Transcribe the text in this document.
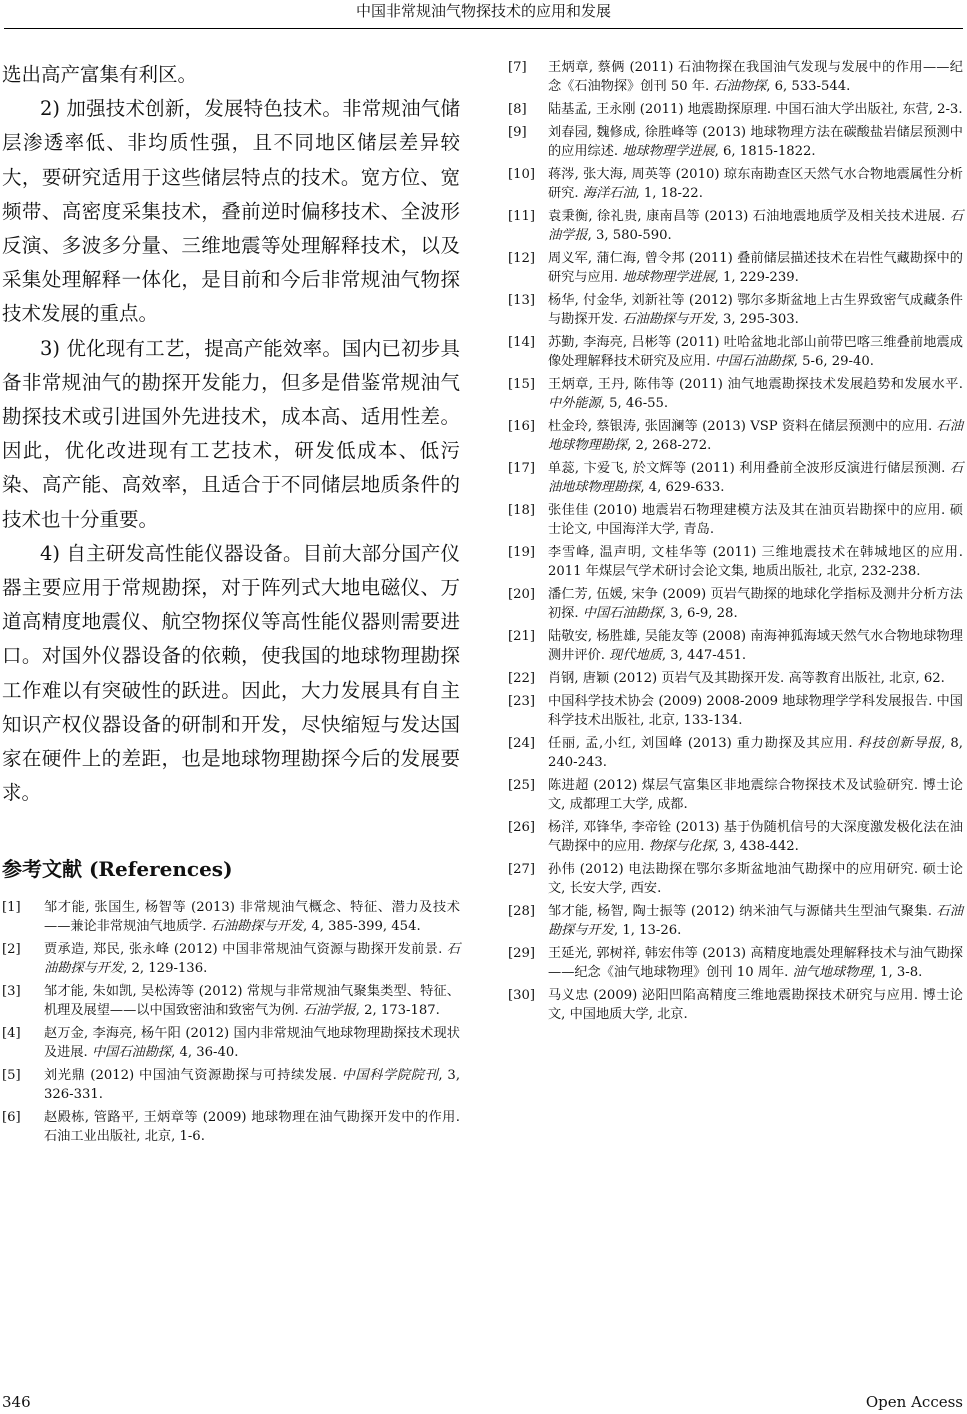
中国非常规油气物探技术的应用和发展

选出高产富集有利区。

2) 加强技术创新，发展特色技术。非常规油气储层渗透率低、非均质性强，且不同地区储层差异较大，要研究适用于这些储层特点的技术。宽方位、宽频带、高密度采集技术，叠前逆时偏移技术、全波形反演、多波多分量、三维地震等处理解释技术，以及采集处理解释一体化，是目前和今后非常规油气物探技术发展的重点。

3) 优化现有工艺，提高产能效率。国内已初步具备非常规油气的勘探开发能力，但多是借鉴常规油气勘探技术或引进国外先进技术，成本高、适用性差。因此，优化改进现有工艺技术，研发低成本、低污染、高产能、高效率，且适合于不同储层地质条件的技术也十分重要。

4) 自主研发高性能仪器设备。目前大部分国产仪器主要应用于常规勘探，对于阵列式大地电磁仪、万道高精度地震仪、航空物探仪等高性能仪器则需要进口。对国外仪器设备的依赖，使我国的地球物理勘探工作难以有突破性的跃进。因此，大力发展具有自主知识产权仪器设备的研制和开发，尽快缩短与发达国家在硬件上的差距，也是地球物理勘探今后的发展要求。

参考文献 (References)
[1] 邹才能, 张国生, 杨智等 (2013) 非常规油气概念、特征、潜力及技术——兼论非常规油气地质学. 石油勘探与开发, 4, 385-399, 454.
[2] 贾承造, 郑民, 张永峰 (2012) 中国非常规油气资源与勘探开发前景. 石油勘探与开发, 2, 129-136.
[3] 邹才能, 朱如凯, 吴松涛等 (2012) 常规与非常规油气聚集类型、特征、机理及展望——以中国致密油和致密气为例. 石油学报, 2, 173-187.
[4] 赵万金, 李海亮, 杨午阳 (2012) 国内非常规油气地球物理勘探技术现状及进展. 中国石油勘探, 4, 36-40.
[5] 刘光鼎 (2012) 中国油气资源勘探与可持续发展. 中国科学院院刊, 3, 326-331.
[6] 赵殿栋, 管路平, 王炳章等 (2009) 地球物理在油气勘探开发中的作用. 石油工业出版社, 北京, 1-6.
[7] 王炳章, 蔡俩 (2011) 石油物探在我国油气发现与发展中的作用——纪念《石油物探》创刊 50 年. 石油物探, 6, 533-544.
[8] 陆基孟, 王永刚 (2011) 地震勘探原理. 中国石油大学出版社, 东营, 2-3.
[9] 刘春园, 魏修成, 徐胜峰等 (2013) 地球物理方法在碳酸盐岩储层预测中的应用综述. 地球物理学进展, 6, 1815-1822.
[10] 蒋涔, 张大海, 周英等 (2010) 琼东南勘查区天然气水合物地震属性分析研究. 海洋石油, 1, 18-22.
[11] 袁秉衡, 徐礼贵, 康南昌等 (2013) 石油地震地质学及相关技术进展. 石油学报, 3, 580-590.
[12] 周义军, 蒲仁海, 曾令邦 (2011) 叠前储层描述技术在岩性气藏勘探中的研究与应用. 地球物理学进展, 1, 229-239.
[13] 杨华, 付金华, 刘新社等 (2012) 鄂尔多斯盆地上古生界致密气成藏条件与勘探开发. 石油勘探与开发, 3, 295-303.
[14] 苏勤, 李海亮, 吕彬等 (2011) 吐哈盆地北部山前带巴喀三维叠前地震成像处理解释技术研究及应用. 中国石油勘探, 5-6, 29-40.
[15] 王炳章, 王丹, 陈伟等 (2011) 油气地震勘探技术发展趋势和发展水平. 中外能源, 5, 46-55.
[16] 杜金玲, 蔡银涛, 张固澜等 (2013) VSP 资料在储层预测中的应用. 石油地球物理勘探, 2, 268-272.
[17] 单蕊, 卞爱飞, 於文辉等 (2011) 利用叠前全波形反演进行储层预测. 石油地球物理勘探, 4, 629-633.
[18] 张佳佳 (2010) 地震岩石物理建模方法及其在油页岩勘探中的应用. 硕士论文, 中国海洋大学, 青岛.
[19] 李雪峰, 温声明, 文桂华等 (2011) 三维地震技术在韩城地区的应用. 2011 年煤层气学术研讨会论文集, 地质出版社, 北京, 232-238.
[20] 潘仁芳, 伍媛, 宋争 (2009) 页岩气勘探的地球化学指标及测井分析方法初探. 中国石油勘探, 3, 6-9, 28.
[21] 陆敬安, 杨胜雄, 吴能友等 (2008) 南海神狐海域天然气水合物地球物理测井评价. 现代地质, 3, 447-451.
[22] 肖钢, 唐颖 (2012) 页岩气及其勘探开发. 高等教育出版社, 北京, 62.
[23] 中国科学技术协会 (2009) 2008-2009 地球物理学学科发展报告. 中国科学技术出版社, 北京, 133-134.
[24] 任丽, 孟,小红, 刘国峰 (2013) 重力勘探及其应用. 科技创新导报, 8, 240-243.
[25] 陈进超 (2012) 煤层气富集区非地震综合物探技术及试验研究. 博士论文, 成都理工大学, 成都.
[26] 杨洋, 邓锋华, 李帝铨 (2013) 基于伪随机信号的大深度激发极化法在油气勘探中的应用. 物探与化探, 3, 438-442.
[27] 孙伟 (2012) 电法勘探在鄂尔多斯盆地油气勘探中的应用研究. 硕士论文, 长安大学, 西安.
[28] 邹才能, 杨智, 陶士振等 (2012) 纳米油气与源储共生型油气聚集. 石油勘探与开发, 1, 13-26.
[29] 王延光, 郭树祥, 韩宏伟等 (2013) 高精度地震处理解释技术与油气勘探——纪念《油气地球物理》创刊 10 周年. 油气地球物理, 1, 3-8.
[30] 马义忠 (2009) 泌阳凹陷高精度三维地震勘探技术研究与应用. 博士论文, 中国地质大学, 北京.
346	Open Access
